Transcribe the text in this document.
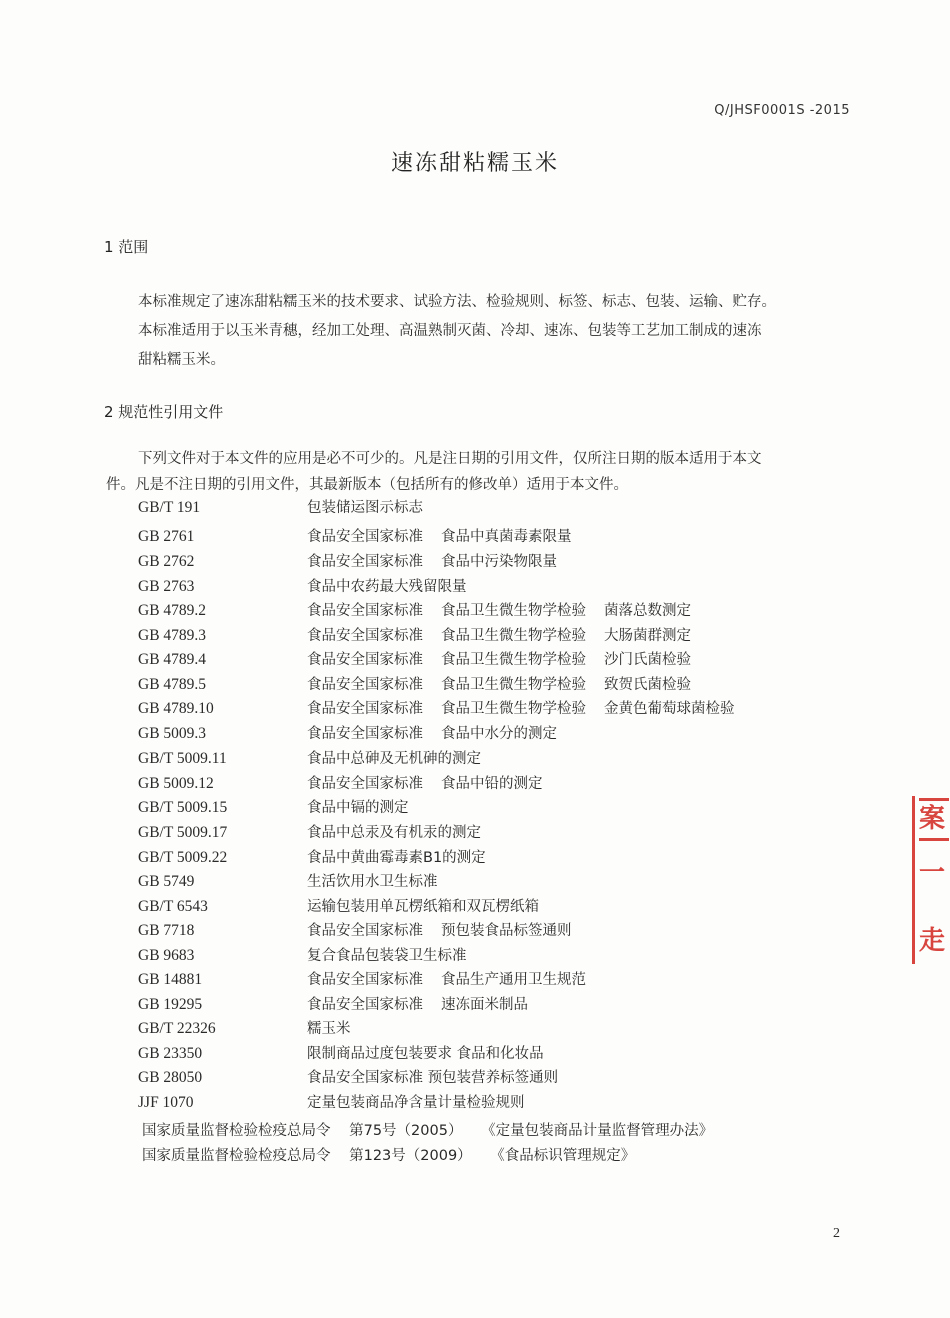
Q/JHSF0001S -2015
速冻甜粘糯玉米
1 范围
本标准规定了速冻甜粘糯玉米的技术要求、试验方法、检验规则、标签、标志、包装、运输、贮存。
本标准适用于以玉米青穗，经加工处理、高温熟制灭菌、冷却、速冻、包装等工艺加工制成的速冻
甜粘糯玉米。
2 规范性引用文件
下列文件对于本文件的应用是必不可少的。凡是注日期的引用文件，仅所注日期的版本适用于本文
件。凡是不注日期的引用文件，其最新版本（包括所有的修改单）适用于本文件。
GB/T 191	包装储运图示标志
GB 2761	食品安全国家标准 食品中真菌毒素限量
GB 2762	食品安全国家标准 食品中污染物限量
GB 2763	食品中农药最大残留限量
GB 4789.2	食品安全国家标准 食品卫生微生物学检验 菌落总数测定
GB 4789.3	食品安全国家标准 食品卫生微生物学检验 大肠菌群测定
GB 4789.4	食品安全国家标准 食品卫生微生物学检验 沙门氏菌检验
GB 4789.5	食品安全国家标准 食品卫生微生物学检验 致贺氏菌检验
GB 4789.10	食品安全国家标准 食品卫生微生物学检验 金黄色葡萄球菌检验
GB 5009.3	食品安全国家标准 食品中水分的测定
GB/T 5009.11	食品中总砷及无机砷的测定
GB 5009.12	食品安全国家标准 食品中铅的测定
GB/T 5009.15	食品中镉的测定
GB/T 5009.17	食品中总汞及有机汞的测定
GB/T 5009.22	食品中黄曲霉毒素B1的测定
GB 5749	生活饮用水卫生标准
GB/T 6543	运输包装用单瓦楞纸箱和双瓦楞纸箱
GB 7718	食品安全国家标准 预包装食品标签通则
GB 9683	复合食品包装袋卫生标准
GB 14881	食品安全国家标准 食品生产通用卫生规范
GB 19295	食品安全国家标准 速冻面米制品
GB/T 22326	糯玉米
GB 23350	限制商品过度包装要求 食品和化妆品
GB 28050	食品安全国家标准 预包装营养标签通则
JJF 1070	定量包装商品净含量计量检验规则
国家质量监督检验检疫总局令 第75号（2005） 《定量包装商品计量监督管理办法》
国家质量监督检验检疫总局令 第123号（2009） 《食品标识管理规定》
2
案
一
走
